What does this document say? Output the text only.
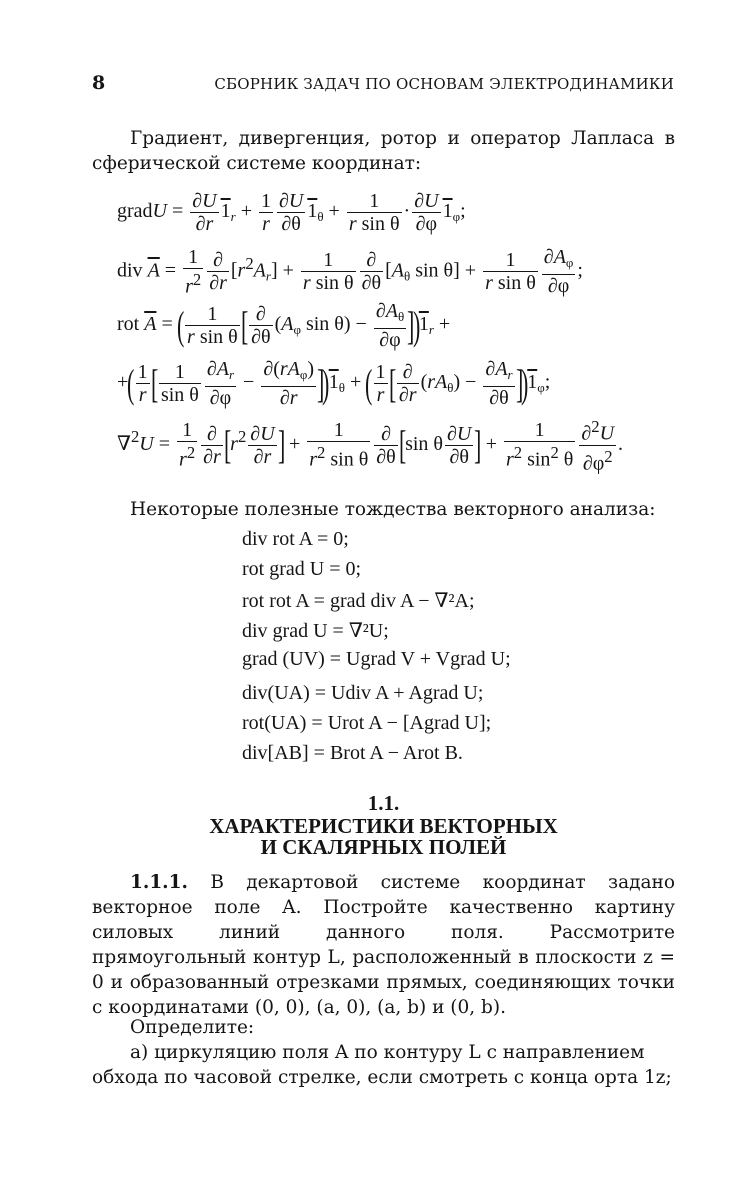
8	СБОРНИК ЗАДАЧ ПО ОСНОВАМ ЭЛЕКТРОДИНАМИКИ
Градиент, дивергенция, ротор и оператор Лапласа в сферической системе координат:
gradU = $\frac{\partial U}{\partial r} 1_r + \frac{1}{r} \frac{\partial U}{\partial\theta} 1_\theta + \frac{1}{\text{r sin θ}} \cdot \frac{\partial U}{\partial\varphi} 1_\varphi$;
div $\overline{A} = \frac{1}{r^2} \frac{\partial}{\partial r} [r^2A_r] + \frac{1}{\text{r sin θ}} \frac{\partial}{\partial\theta} [A_\theta$ $\sin \theta] + \frac{1}{\text{r sin θ}} \frac{\partial A_\varphi}{\partial\varphi}$ ;
rot $\overline{A}$ = ( $\frac{1}{\text{r sin θ}}$ [ $\frac{\partial}{\partial\theta} (A_\varphi$ $\sin \theta) - \frac{\partial A_\theta}{\partial\varphi} ])1_r$ +
+( $\frac{1}{r}$ [ $\frac{1}{\text{sin θ}} \frac{\partial A_r}{\partial\varphi} - \frac{\partial(rA_\varphi)}{\partial r} ])1_\theta$ + ( $\frac{1}{r}$ [ $\frac{\partial}{\partial r} (rA_\theta) - \frac{\partial A_r}{\partial\theta} ])1_\varphi$;
$\nabla^2U = \frac{1}{r^2} \frac{\partial}{\partial r} [r^2 \frac{\partial U}{\partial r}$ ] + $\frac{1}{r^2 \sin \theta} \frac{\partial}{\partial\theta} [\sin$ θ $\frac{\partial U}{\partial\theta}$ ] + $\frac{1}{r^2 \sin^2 \theta} \frac{\partial^2U}{\partial\varphi^2}$ .
Некоторые полезные тождества векторного анализа:
div rot A = 0;
rot grad U = 0;
rot rot A = grad div A − ∇²A;
div grad U = ∇²U;
grad (UV) = Ugrad V + Vgrad U;
div(UA) = Udiv A + Agrad U;
rot(UA) = Urot A − [Agrad U];
div[AB] = Brot A − Arot B.
1.1.
ХАРАКТЕРИСТИКИ ВЕКТОРНЫХ
И СКАЛЯРНЫХ ПОЛЕЙ
1.1.1. В декартовой системе координат задано векторное поле A. Постройте качественно картину силовых линий данного поля. Рассмотрите прямоугольный контур L, расположенный в плоскости z = 0 и образованный отрезками прямых, соединяющих точки с координатами (0, 0), (a, 0), (a, b) и (0, b).
Определите:
а) циркуляцию поля A по контуру L с направлением
обхода по часовой стрелке, если смотреть с конца орта 1z;
